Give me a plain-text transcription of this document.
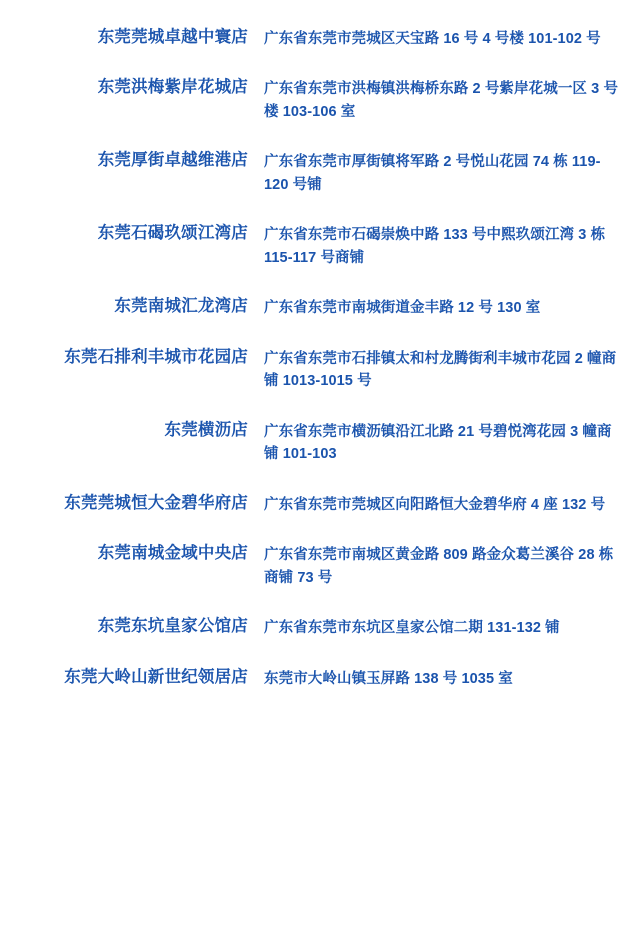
东莞莞城卓越中寰店	广东省东莞市莞城区天宝路 16 号 4 号楼 101-102 号
东莞洪梅紫岸花城店	广东省东莞市洪梅镇洪梅桥东路 2 号紫岸花城一区 3 号楼 103-106 室
东莞厚街卓越维港店	广东省东莞市厚街镇将军路 2 号悦山花园 74 栋 119-120 号铺
东莞石碣玖颂江湾店	广东省东莞市石碣崇焕中路 133 号中熙玖颂江湾 3 栋 115-117 号商铺
东莞南城汇龙湾店	广东省东莞市南城街道金丰路 12 号 130 室
东莞石排利丰城市花园店	广东省东莞市石排镇太和村龙腾街利丰城市花园 2 幢商铺 1013-1015 号
东莞横沥店	广东省东莞市横沥镇沿江北路 21 号碧悦湾花园 3 幢商铺 101-103
东莞莞城恒大金碧华府店	广东省东莞市莞城区向阳路恒大金碧华府 4 座 132 号
东莞南城金域中央店	广东省东莞市南城区黄金路 809 路金众葛兰溪谷 28 栋商铺 73 号
东莞东坑皇家公馆店	广东省东莞市东坑区皇家公馆二期 131-132 铺
东莞大岭山新世纪领居店	东莞市大岭山镇玉屏路 138 号 1035 室
